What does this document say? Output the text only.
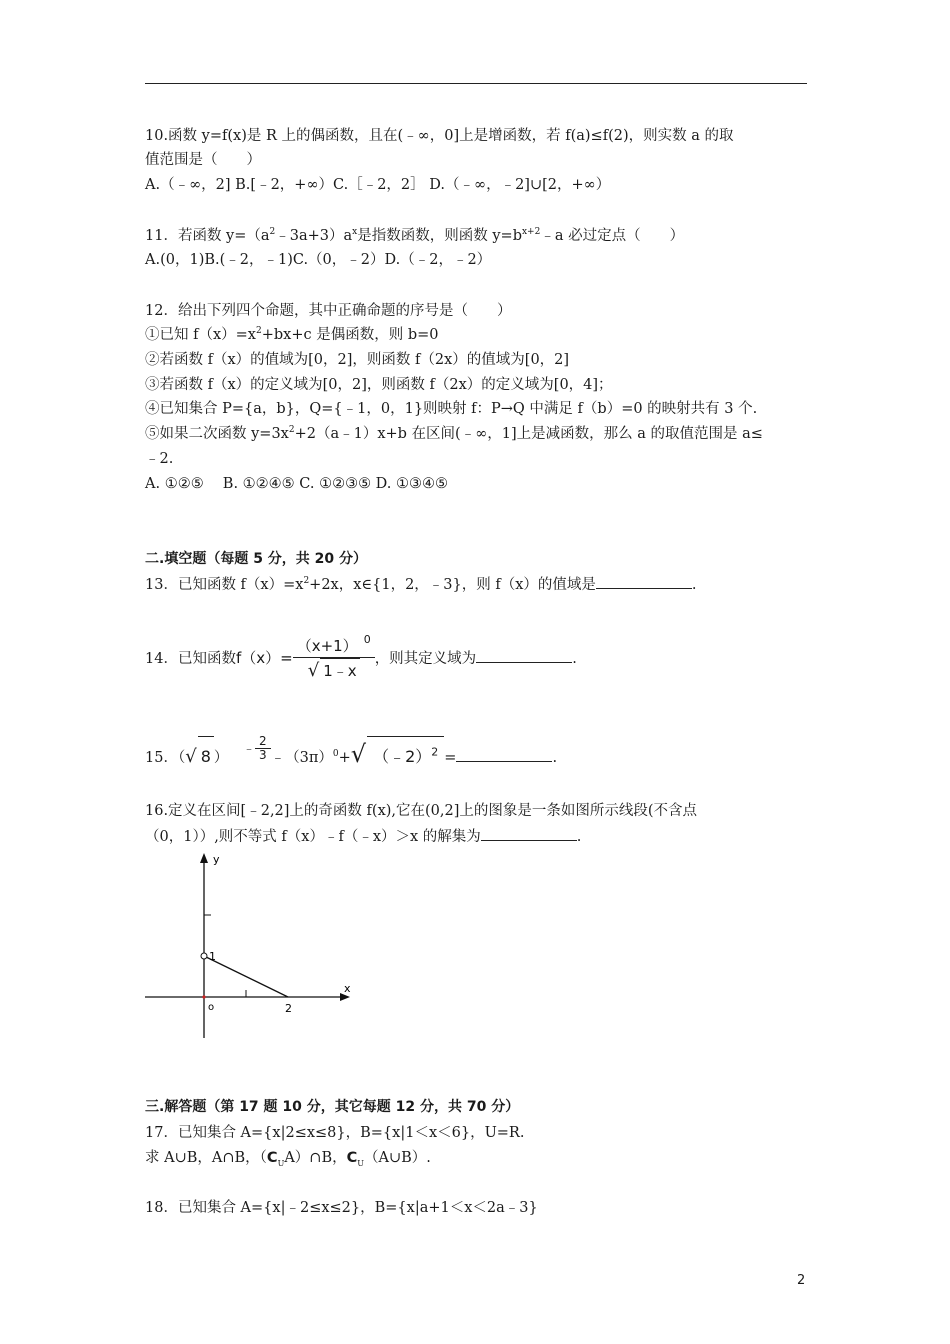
10.函数 y=f(x)是 R 上的偶函数，且在(﹣∞，0]上是增函数，若 f(a)≤f(2)，则实数 a 的取
值范围是（　　）
A.（﹣∞，2] B.[﹣2，+∞）C.［﹣2，2］ D.（﹣∞，﹣2]∪[2，+∞）
11．若函数 $y=(a^2﹣3a+3)a^x$是指数函数，则函数 $y=b^{x+2}﹣a$ 必过定点（　　）
A.(0，1)B.(﹣2，﹣1)C.（0，﹣2）D.（﹣2，﹣2）
12．给出下列四个命题，其中正确命题的序号是（　　）
①已知 $f(x)=x^2+bx+c$ 是偶函数，则 b=0
②若函数 f（x）的值域为[0，2]，则函数 f（2x）的值域为[0，2]
③若函数 f（x）的定义域为[0，2]，则函数 f（2x）的定义域为[0，4]；
④已知集合 P={a，b}，Q={﹣1，0，1}则映射 f：P→Q 中满足 f（b）=0 的映射共有 3 个.
⑤如果二次函数 $y=3x^2+2(a﹣1)x+b$ 在区间(﹣∞，1]上是减函数，那么 a 的取值范围是 a≤
﹣2.
A. ①②⑤　 B. ①②④⑤ C. ①②③⑤ D. ①③④⑤
二.填空题（每题 5 分，共 20 分）
13．已知函数 $f(x)=x^2+2x$，x∈{1，2，﹣3}，则 f（x）的值域是	.
14．已知函数$f(x)= \frac{(x+1) ^0}{√ 1﹣x}$ ，则其定义域为	.
15．（√ 8 ） ﹣ $\frac{2}{3}$ $﹣(3\pi)^0+√$ （﹣2）$^2$ =	.
16.定义在区间[﹣2,2]上的奇函数 f(x),它在(0,2]上的图象是一条如图所示线段(不含点
（0，1））,则不等式 f（x）﹣f（﹣x）＞x 的解集为	.
y
x
1
o	2
三.解答题（第 17 题 10 分，其它每题 12 分，共 70 分）
17．已知集合 A={x|2≤x≤8}，B={x|1＜x＜6}，U=R.
求 A∪B，A∩B，$(C_UA)\cap B$，$C_U(A\cup B)$.
18．已知集合 A={x|﹣2≤x≤2}，B={x|a+1＜x＜2a﹣3}
2
